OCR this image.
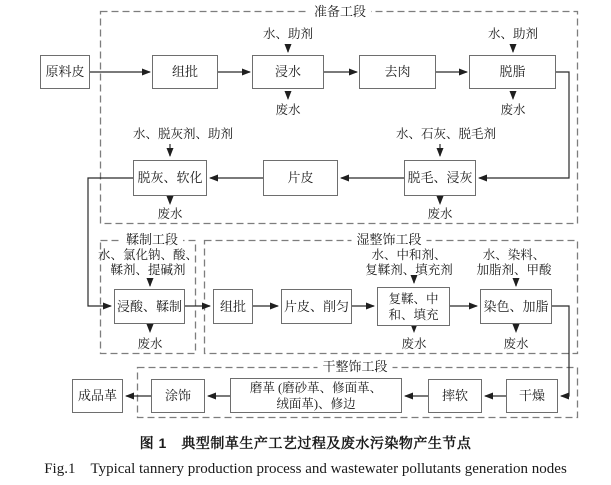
准备工段
鞣制工段	湿整饰工段
干整饰工段
原料皮	组批	浸水	去肉	脱脂
脱灰、软化	片皮	脱毛、浸灰
浸酸、鞣制	组批	片皮、削匀	复鞣、中
和、填充
染色、加脂
成品革	涂饰
磨革 (磨砂革、修面革、
绒面革)、修边
摔软	干燥
水、助剂	水、助剂
水、脱灰剂、助剂	水、石灰、脱毛剂
水、氯化钠、酸、
鞣剂、提碱剂
水、中和剂、
复鞣剂、填充剂
水、染料、
加脂剂、甲酸
废水	废水
废水	废水
废水	废水	废水
图 1　典型制革生产工艺过程及废水污染物产生节点
Fig.1　Typical tannery production process and wastewater pollutants generation nodes
